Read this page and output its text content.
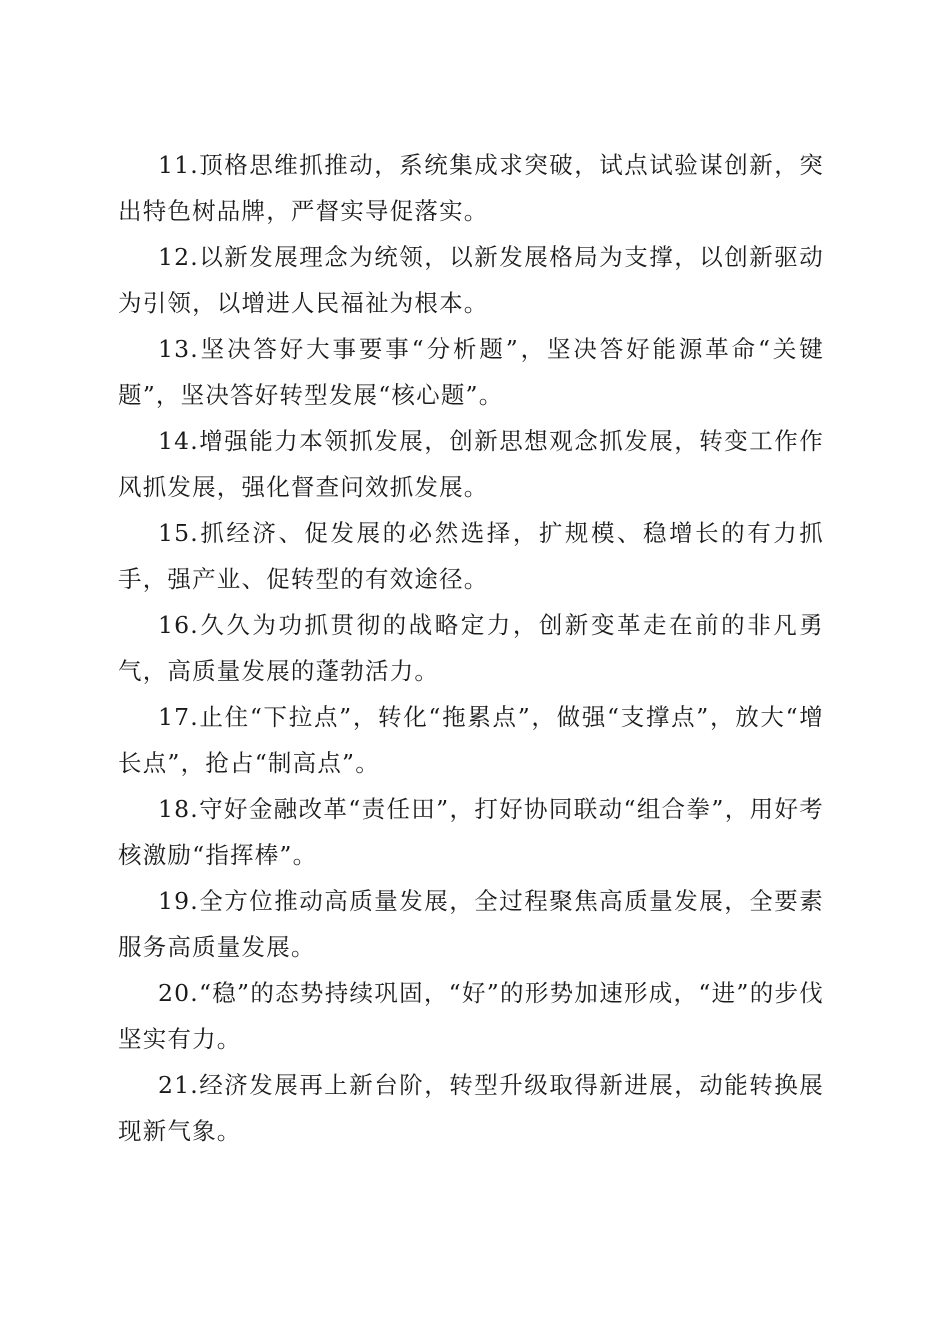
11.顶格思维抓推动，系统集成求突破，试点试验谋创新，突出特色树品牌，严督实导促落实。

12.以新发展理念为统领，以新发展格局为支撑，以创新驱动为引领，以增进人民福祉为根本。

13.坚决答好大事要事“分析题”，坚决答好能源革命“关键题”，坚决答好转型发展“核心题”。

14.增强能力本领抓发展，创新思想观念抓发展，转变工作作风抓发展，强化督查问效抓发展。

15.抓经济、促发展的必然选择，扩规模、稳增长的有力抓手，强产业、促转型的有效途径。

16.久久为功抓贯彻的战略定力，创新变革走在前的非凡勇气，高质量发展的蓬勃活力。

17.止住“下拉点”，转化“拖累点”，做强“支撑点”，放大“增长点”，抢占“制高点”。

18.守好金融改革“责任田”，打好协同联动“组合拳”，用好考核激励“指挥棒”。

19.全方位推动高质量发展，全过程聚焦高质量发展，全要素服务高质量发展。

20.“稳”的态势持续巩固，“好”的形势加速形成，“进”的步伐坚实有力。

21.经济发展再上新台阶，转型升级取得新进展，动能转换展现新气象。
